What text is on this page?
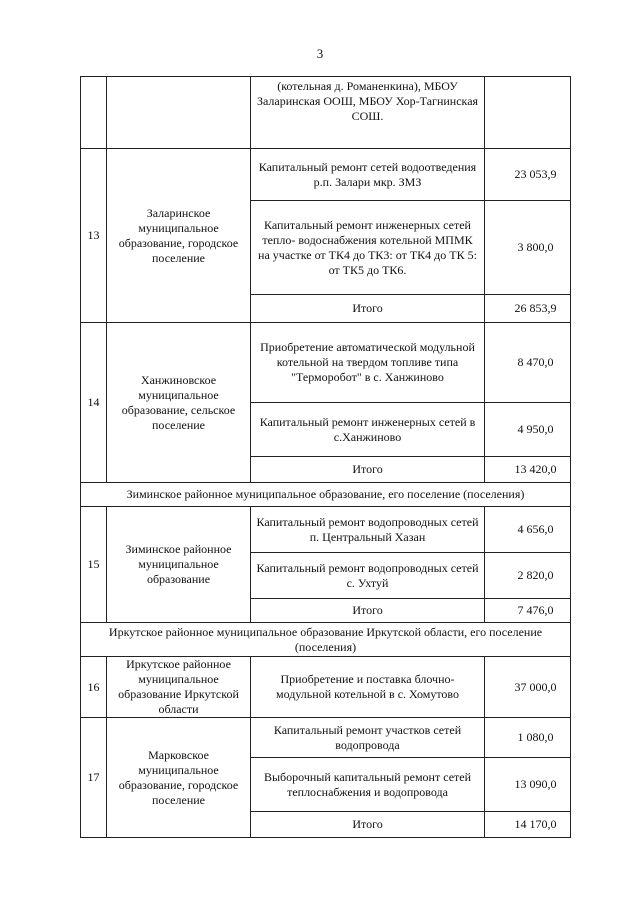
3
		(котельная д. Романенкина), МБОУ Заларинская ООШ, МБОУ Хор-Тагнинская СОШ.	
13	Заларинское муниципальное образование, городское поселение	Капитальный ремонт сетей водоотведения р.п. Залари мкр. ЗМЗ	23 053,9
		Капитальный ремонт инженерных сетей тепло- водоснабжения котельной МПМК на участке от ТК4 до ТК3: от ТК4 до ТК 5: от ТК5 до ТК6.	3 800,0
		Итого	26 853,9
14	Ханжиновское муниципальное образование, сельское поселение	Приобретение автоматической модульной котельной на твердом топливе типа "Терморобот" в с. Ханжиново	8 470,0
		Капитальный ремонт инженерных сетей в с.Ханжиново	4 950,0
		Итого	13 420,0
Зиминское районное муниципальное образование, его поселение (поселения)			
15	Зиминское районное муниципальное образование	Капитальный ремонт водопроводных сетей п. Центральный Хазан	4 656,0
		Капитальный ремонт водопроводных сетей с. Ухтуй	2 820,0
		Итого	7 476,0
Иркутское районное муниципальное образование Иркутской области, его поселение (поселения)			
16	Иркутское районное муниципальное образование Иркутской области	Приобретение и поставка блочно-модульной котельной в с. Хомутово	37 000,0
17	Марковское муниципальное образование, городское поселение	Капитальный ремонт участков сетей водопровода	1 080,0
		Выборочный капитальный ремонт сетей теплоснабжения и водопровода	13 090,0
		Итого	14 170,0
